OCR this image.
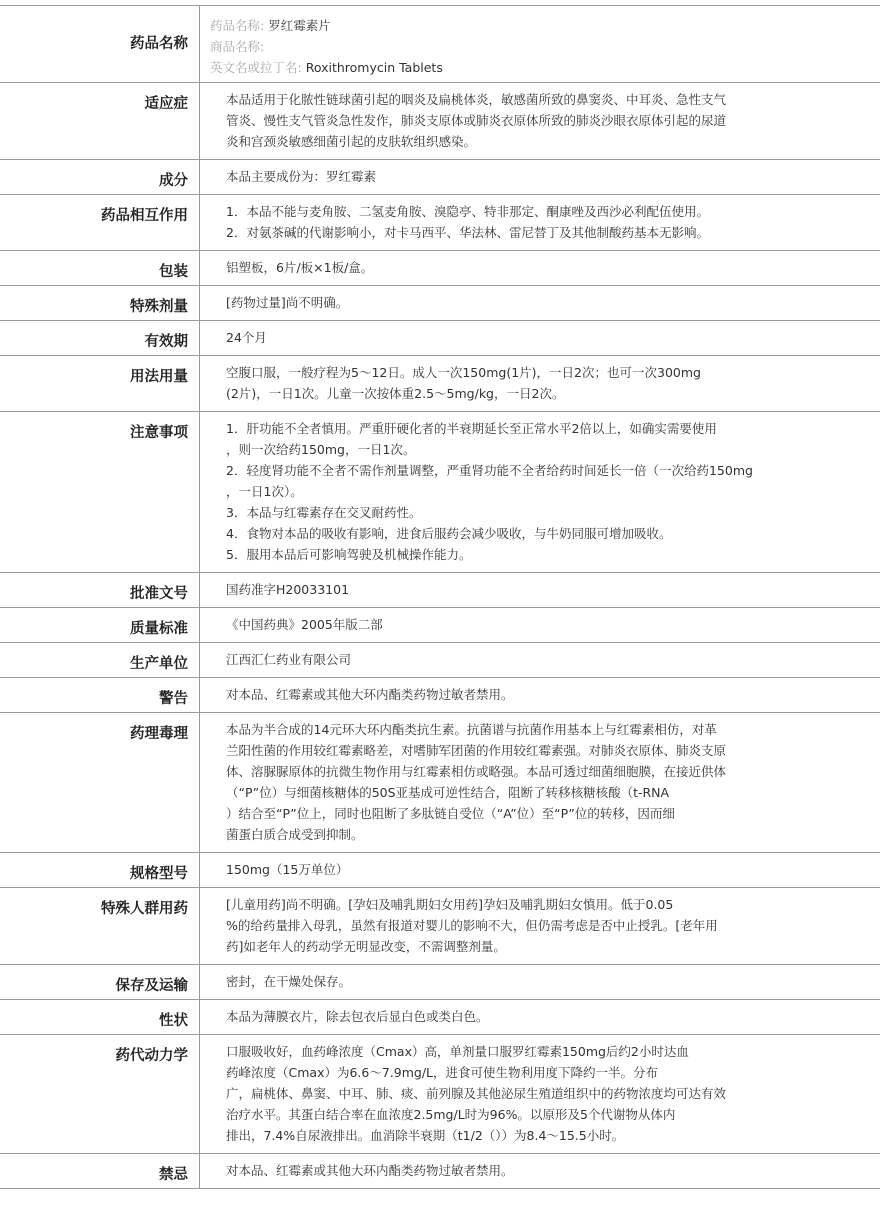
药品名称
药品名称: 罗红霉素片
商品名称:
英文名或拉丁名: Roxithromycin Tablets
适应症	本品适用于化脓性链球菌引起的咽炎及扁桃体炎，敏感菌所致的鼻窦炎、中耳炎、急性支气
管炎、慢性支气管炎急性发作，肺炎支原体或肺炎衣原体所致的肺炎沙眼衣原体引起的尿道
炎和宫颈炎敏感细菌引起的皮肤软组织感染。
成分	本品主要成份为：罗红霉素
药品相互作用	1．本品不能与麦角胺、二氢麦角胺、溴隐亭、特非那定、酮康唑及西沙必利配伍使用。
2．对氨茶碱的代谢影响小，对卡马西平、华法林、雷尼替丁及其他制酸药基本无影响。
包装	铝塑板，6片/板×1板/盒。
特殊剂量	[药物过量]尚不明确。
有效期	24个月
用法用量	空腹口服，一般疗程为5～12日。成人一次150mg(1片)，一日2次；也可一次300mg
(2片)，一日1次。儿童一次按体重2.5～5mg/kg，一日2次。
注意事项	1．肝功能不全者慎用。严重肝硬化者的半衰期延长至正常水平2倍以上，如确实需要使用
，则一次给药150mg，一日1次。
2．轻度肾功能不全者不需作剂量调整，严重肾功能不全者给药时间延长一倍（一次给药150mg
，一日1次）。
3．本品与红霉素存在交叉耐药性。
4．食物对本品的吸收有影响，进食后服药会减少吸收，与牛奶同服可增加吸收。
5．服用本品后可影响驾驶及机械操作能力。
批准文号	国药准字H20033101
质量标准	《中国药典》2005年版二部
生产单位	江西汇仁药业有限公司
警告	对本品、红霉素或其他大环内酯类药物过敏者禁用。
药理毒理	本品为半合成的14元环大环内酯类抗生素。抗菌谱与抗菌作用基本上与红霉素相仿，对革
兰阳性菌的作用较红霉素略差，对嗜肺军团菌的作用较红霉素强。对肺炎衣原体、肺炎支原
体、溶脲脲原体的抗微生物作用与红霉素相仿或略强。本品可透过细菌细胞膜，在接近供体
（“P”位）与细菌核糖体的50S亚基成可逆性结合，阻断了转移核糖核酸（t-RNA
）结合至“P”位上，同时也阻断了多肽链自受位（“A”位）至“P”位的转移，因而细
菌蛋白质合成受到抑制。
规格型号	150mg（15万单位）
特殊人群用药	[儿童用药]尚不明确。[孕妇及哺乳期妇女用药]孕妇及哺乳期妇女慎用。低于0.05
%的给药量排入母乳，虽然有报道对婴儿的影响不大，但仍需考虑是否中止授乳。[老年用
药]如老年人的药动学无明显改变，不需调整剂量。
保存及运输	密封，在干燥处保存。
性状	本品为薄膜衣片，除去包衣后显白色或类白色。
药代动力学	口服吸收好，血药峰浓度（Cmax）高，单剂量口服罗红霉素150mg后约2小时达血
药峰浓度（Cmax）为6.6～7.9mg/L，进食可使生物利用度下降约一半。分布
广，扁桃体、鼻窦、中耳、肺、痰、前列腺及其他泌尿生殖道组织中的药物浓度均可达有效
治疗水平。其蛋白结合率在血浓度2.5mg/L时为96%。以原形及5个代谢物从体内
排出，7.4%自尿液排出。血消除半衰期（t1/2（））为8.4～15.5小时。
禁忌	对本品、红霉素或其他大环内酯类药物过敏者禁用。
